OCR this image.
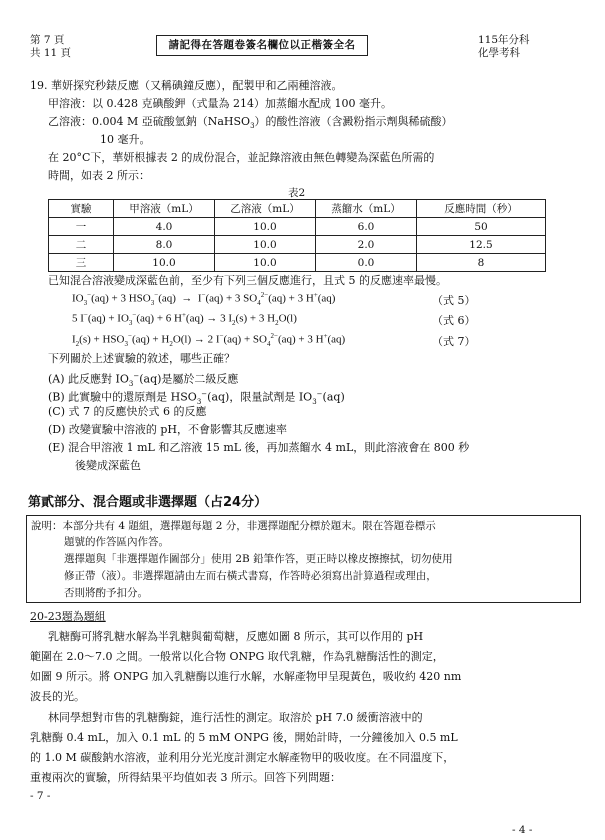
第 7 頁
共 11 頁
請記得在答題卷簽名欄位以正楷簽全名	115年分科
化學考科
19. 華妍探究秒錶反應（又稱碘鐘反應），配製甲和乙兩種溶液。
甲溶液：以 0.428 克碘酸鉀（式量為 214）加蒸餾水配成 100 毫升。
乙溶液：0.004 M 亞硫酸氫鈉（NaHSO$_3$）的酸性溶液（含澱粉指示劑與稀硫酸）
10 毫升。
在 20°C下，華妍根據表 2 的成份混合，並記錄溶液由無色轉變為深藍色所需的
時間，如表 2 所示：
表2
實驗	甲溶液（mL）	乙溶液（mL）	蒸餾水（mL）	反應時間（秒）
一	4.0	10.0	6.0	50
二	8.0	10.0	2.0	12.5
三	10.0	10.0	0.0	8
已知混合溶液變成深藍色前，至少有下列三個反應進行，且式 5 的反應速率最慢。
$IO_3^-(aq) + 3$ $HSO_3^-(aq) \to I^-(aq) + 3$ $SO_4^{2-}(aq) + 3$ H+(aq)	（式 5）
5 $I^-(aq) + IO_3^-(aq) + 6$ H+(aq) → 3 $I_2(s) + 3$ $H_2O(l)$	（式 6）
$I_2(s) + HSO_3^-(aq) + H_2O(l) \to 2$ $I^-(aq) + SO_4^{2-}(aq) + 3$ H+(aq)	（式 7）
下列關於上述實驗的敘述，哪些正確？
(A) 此反應對 $IO_3^-(aq)$是屬於二級反應
(B) 此實驗中的還原劑是 $HSO_3^-(aq)$，限量試劑是 $IO_3^-(aq)$
(C) 式 7 的反應快於式 6 的反應
(D) 改變實驗中溶液的 pH，不會影響其反應速率
(E) 混合甲溶液 1 mL 和乙溶液 15 mL 後，再加蒸餾水 4 mL，則此溶液會在 800 秒
後變成深藍色
第貳部分、混合題或非選擇題（占24分）
說明：本部分共有 4 題組，選擇題每題 2 分，非選擇題配分標於題末。限在答題卷標示
題號的作答區內作答。
選擇題與「非選擇題作圖部分」使用 2B 鉛筆作答，更正時以橡皮擦擦拭，切勿使用
修正帶（液）。非選擇題請由左而右橫式書寫，作答時必須寫出計算過程或理由，
否則將酌予扣分。
20-23題為題組
乳糖酶可將乳糖水解為半乳糖與葡萄糖，反應如圖 8 所示，其可以作用的 pH
範圍在 2.0～7.0 之間。一般常以化合物 ONPG 取代乳糖，作為乳糖酶活性的測定，
如圖 9 所示。將 ONPG 加入乳糖酶以進行水解，水解產物甲呈現黃色，吸收約 420 nm
波長的光。
林同學想對市售的乳糖酶錠，進行活性的測定。取溶於 pH 7.0 緩衝溶液中的
乳糖酶 0.4 mL，加入 0.1 mL 的 5 mM ONPG 後，開始計時，一分鐘後加入 0.5 mL
的 1.0 M 碳酸鈉水溶液，並利用分光光度計測定水解產物甲的吸收度。在不同溫度下，
重複兩次的實驗，所得結果平均值如表 3 所示。回答下列問題：
- 7 -
- 4 -
